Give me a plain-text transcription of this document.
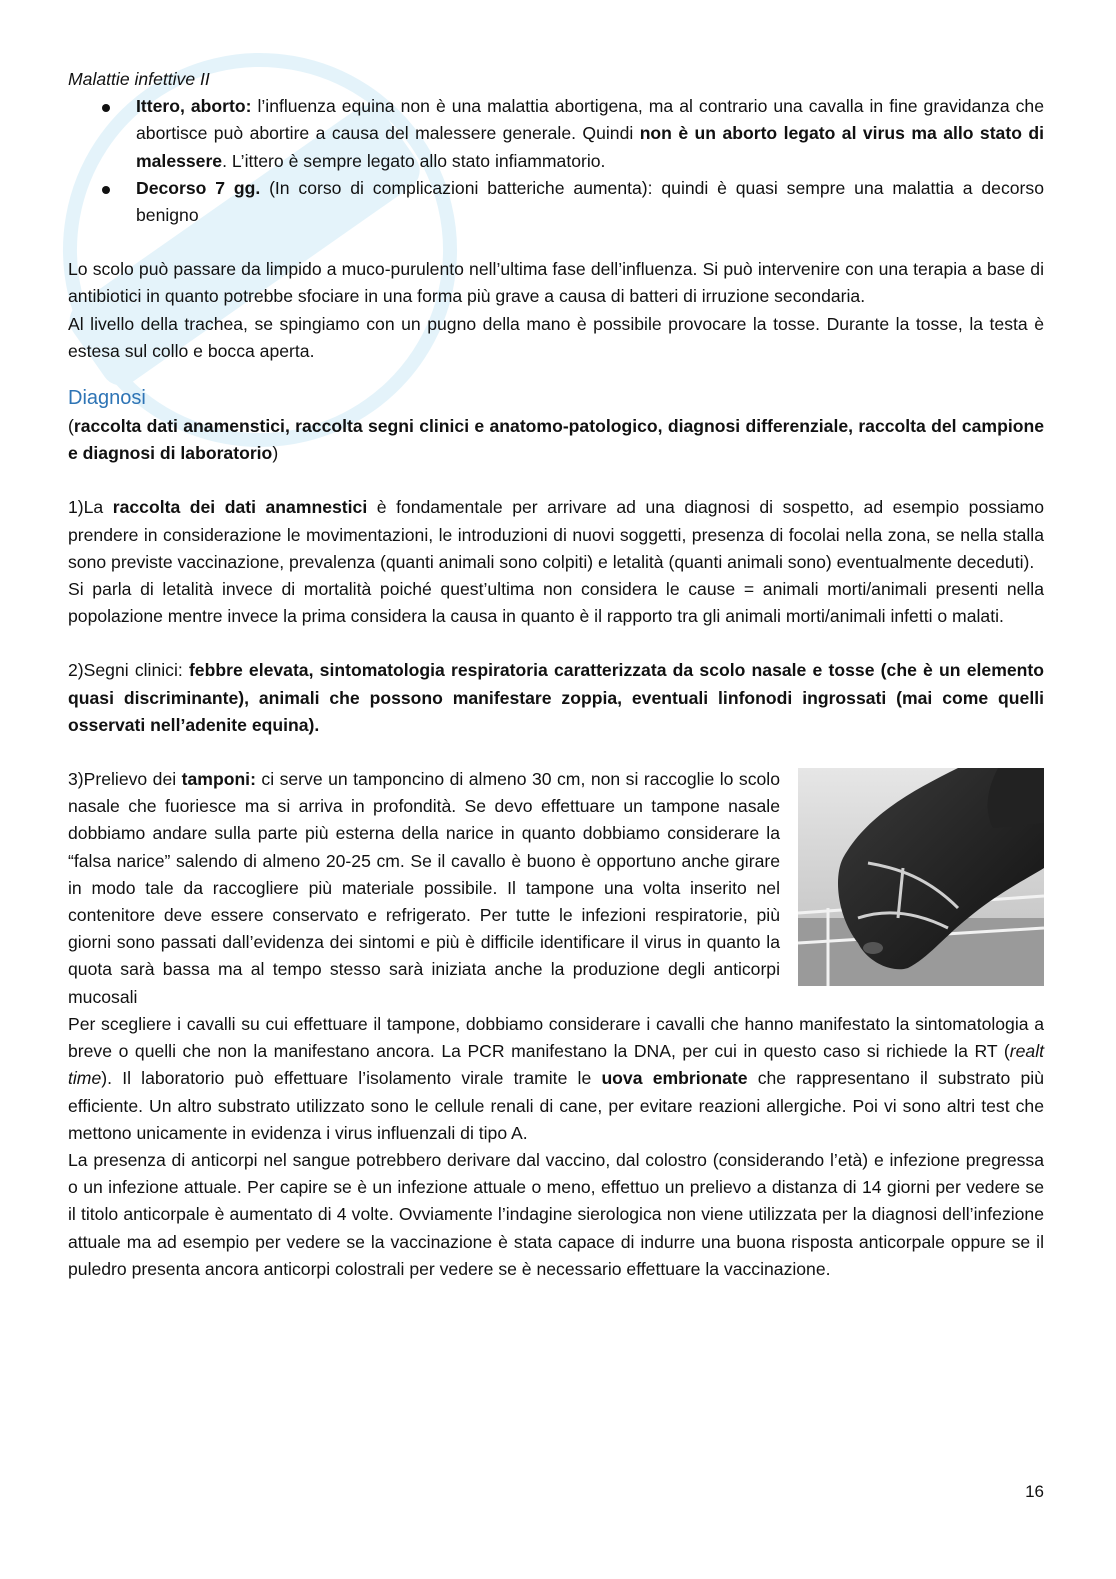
Malattie infettive II

Ittero, aborto: l’influenza equina non è una malattia abortigena, ma al contrario una cavalla in fine gravidanza che abortisce può abortire a causa del malessere generale. Quindi non è un aborto legato al virus ma allo stato di malessere. L’ittero è sempre legato allo stato infiammatorio.
Decorso 7 gg. (In corso di complicazioni batteriche aumenta): quindi è quasi sempre una malattia a decorso benigno

Lo scolo può passare da limpido a muco-purulento nell’ultima fase dell’influenza. Si può intervenire con una terapia a base di antibiotici in quanto potrebbe sfociare in una forma più grave a causa di batteri di irruzione secondaria.

Al livello della trachea, se spingiamo con un pugno della mano è possibile provocare la tosse. Durante la tosse, la testa è estesa sul collo e bocca aperta.

Diagnosi

(raccolta dati anamenstici, raccolta segni clinici e anatomo-patologico, diagnosi differenziale, raccolta del campione e diagnosi di laboratorio)

1)La raccolta dei dati anamnestici è fondamentale per arrivare ad una diagnosi di sospetto, ad esempio possiamo prendere in considerazione le movimentazioni, le introduzioni di nuovi soggetti, presenza di focolai nella zona, se nella stalla sono previste vaccinazione, prevalenza (quanti animali sono colpiti) e letalità (quanti animali sono) eventualmente deceduti).

Si parla di letalità invece di mortalità poiché quest’ultima non considera le cause = animali morti/animali presenti nella popolazione mentre invece la prima considera la causa in quanto è il rapporto tra gli animali morti/animali infetti o malati.

2)Segni clinici: febbre elevata, sintomatologia respiratoria caratterizzata da scolo nasale e tosse (che è un elemento quasi discriminante), animali che possono manifestare zoppia, eventuali linfonodi ingrossati (mai come quelli osservati nell’adenite equina).

3)Prelievo dei tamponi: ci serve un tamponcino di almeno 30 cm, non si raccoglie lo scolo nasale che fuoriesce ma si arriva in profondità. Se devo effettuare un tampone nasale dobbiamo andare sulla parte più esterna della narice in quanto dobbiamo considerare la “falsa narice” salendo di almeno 20-25 cm. Se il cavallo è buono è opportuno anche girare in modo tale da raccogliere più materiale possibile. Il tampone una volta inserito nel contenitore deve essere conservato e refrigerato. Per tutte le infezioni respiratorie, più giorni sono passati dall’evidenza dei sintomi e più è difficile identificare il virus in quanto la quota sarà bassa ma al tempo stesso sarà iniziata anche la produzione degli anticorpi mucosali

Per scegliere i cavalli su cui effettuare il tampone, dobbiamo considerare i cavalli che hanno manifestato la sintomatologia a breve o quelli che non la manifestano ancora. La PCR manifestano la DNA, per cui in questo caso si richiede la RT (realt time). Il laboratorio può effettuare l’isolamento virale tramite le uova embrionate che rappresentano il substrato più efficiente. Un altro substrato utilizzato sono le cellule renali di cane, per evitare reazioni allergiche. Poi vi sono altri test che mettono unicamente in evidenza i virus influenzali di tipo A.

La presenza di anticorpi nel sangue potrebbero derivare dal vaccino, dal colostro (considerando l’età) e infezione pregressa o un infezione attuale. Per capire se è un infezione attuale o meno, effettuo un prelievo a distanza di 14 giorni per vedere se il titolo anticorpale è aumentato di 4 volte. Ovviamente l’indagine sierologica non viene utilizzata per la diagnosi dell’infezione attuale ma ad esempio per vedere se la vaccinazione è stata capace di indurre una buona risposta anticorpale oppure se il puledro presenta ancora anticorpi colostrali per vedere se è necessario effettuare la vaccinazione.

16
